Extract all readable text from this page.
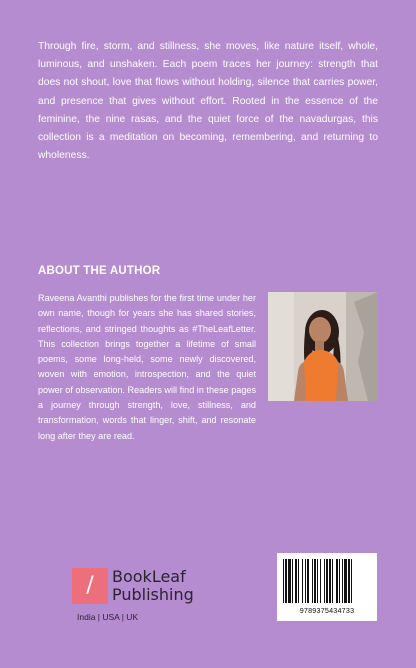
Through fire, storm, and stillness, she moves, like nature itself, whole, luminous, and unshaken. Each poem traces her journey: strength that does not shout, love that flows without holding, silence that carries power, and presence that gives without effort. Rooted in the essence of the feminine, the nine rasas, and the quiet force of the navadurgas, this collection is a meditation on becoming, remembering, and returning to wholeness.

ABOUT THE AUTHOR

Raveena Avanthi publishes for the first time under her own name, though for years she has shared stories, reflections, and stringed thoughts as #TheLeafLetter. This collection brings together a lifetime of small poems, some long-held, some newly discovered, woven with emotion, introspection, and the quiet power of observation. Readers will find in these pages a journey through strength, love, stillness, and transformation, words that linger, shift, and resonate long after they are read.

/	BookLeaf
Publishing
India | USA | UK
9789375434733
